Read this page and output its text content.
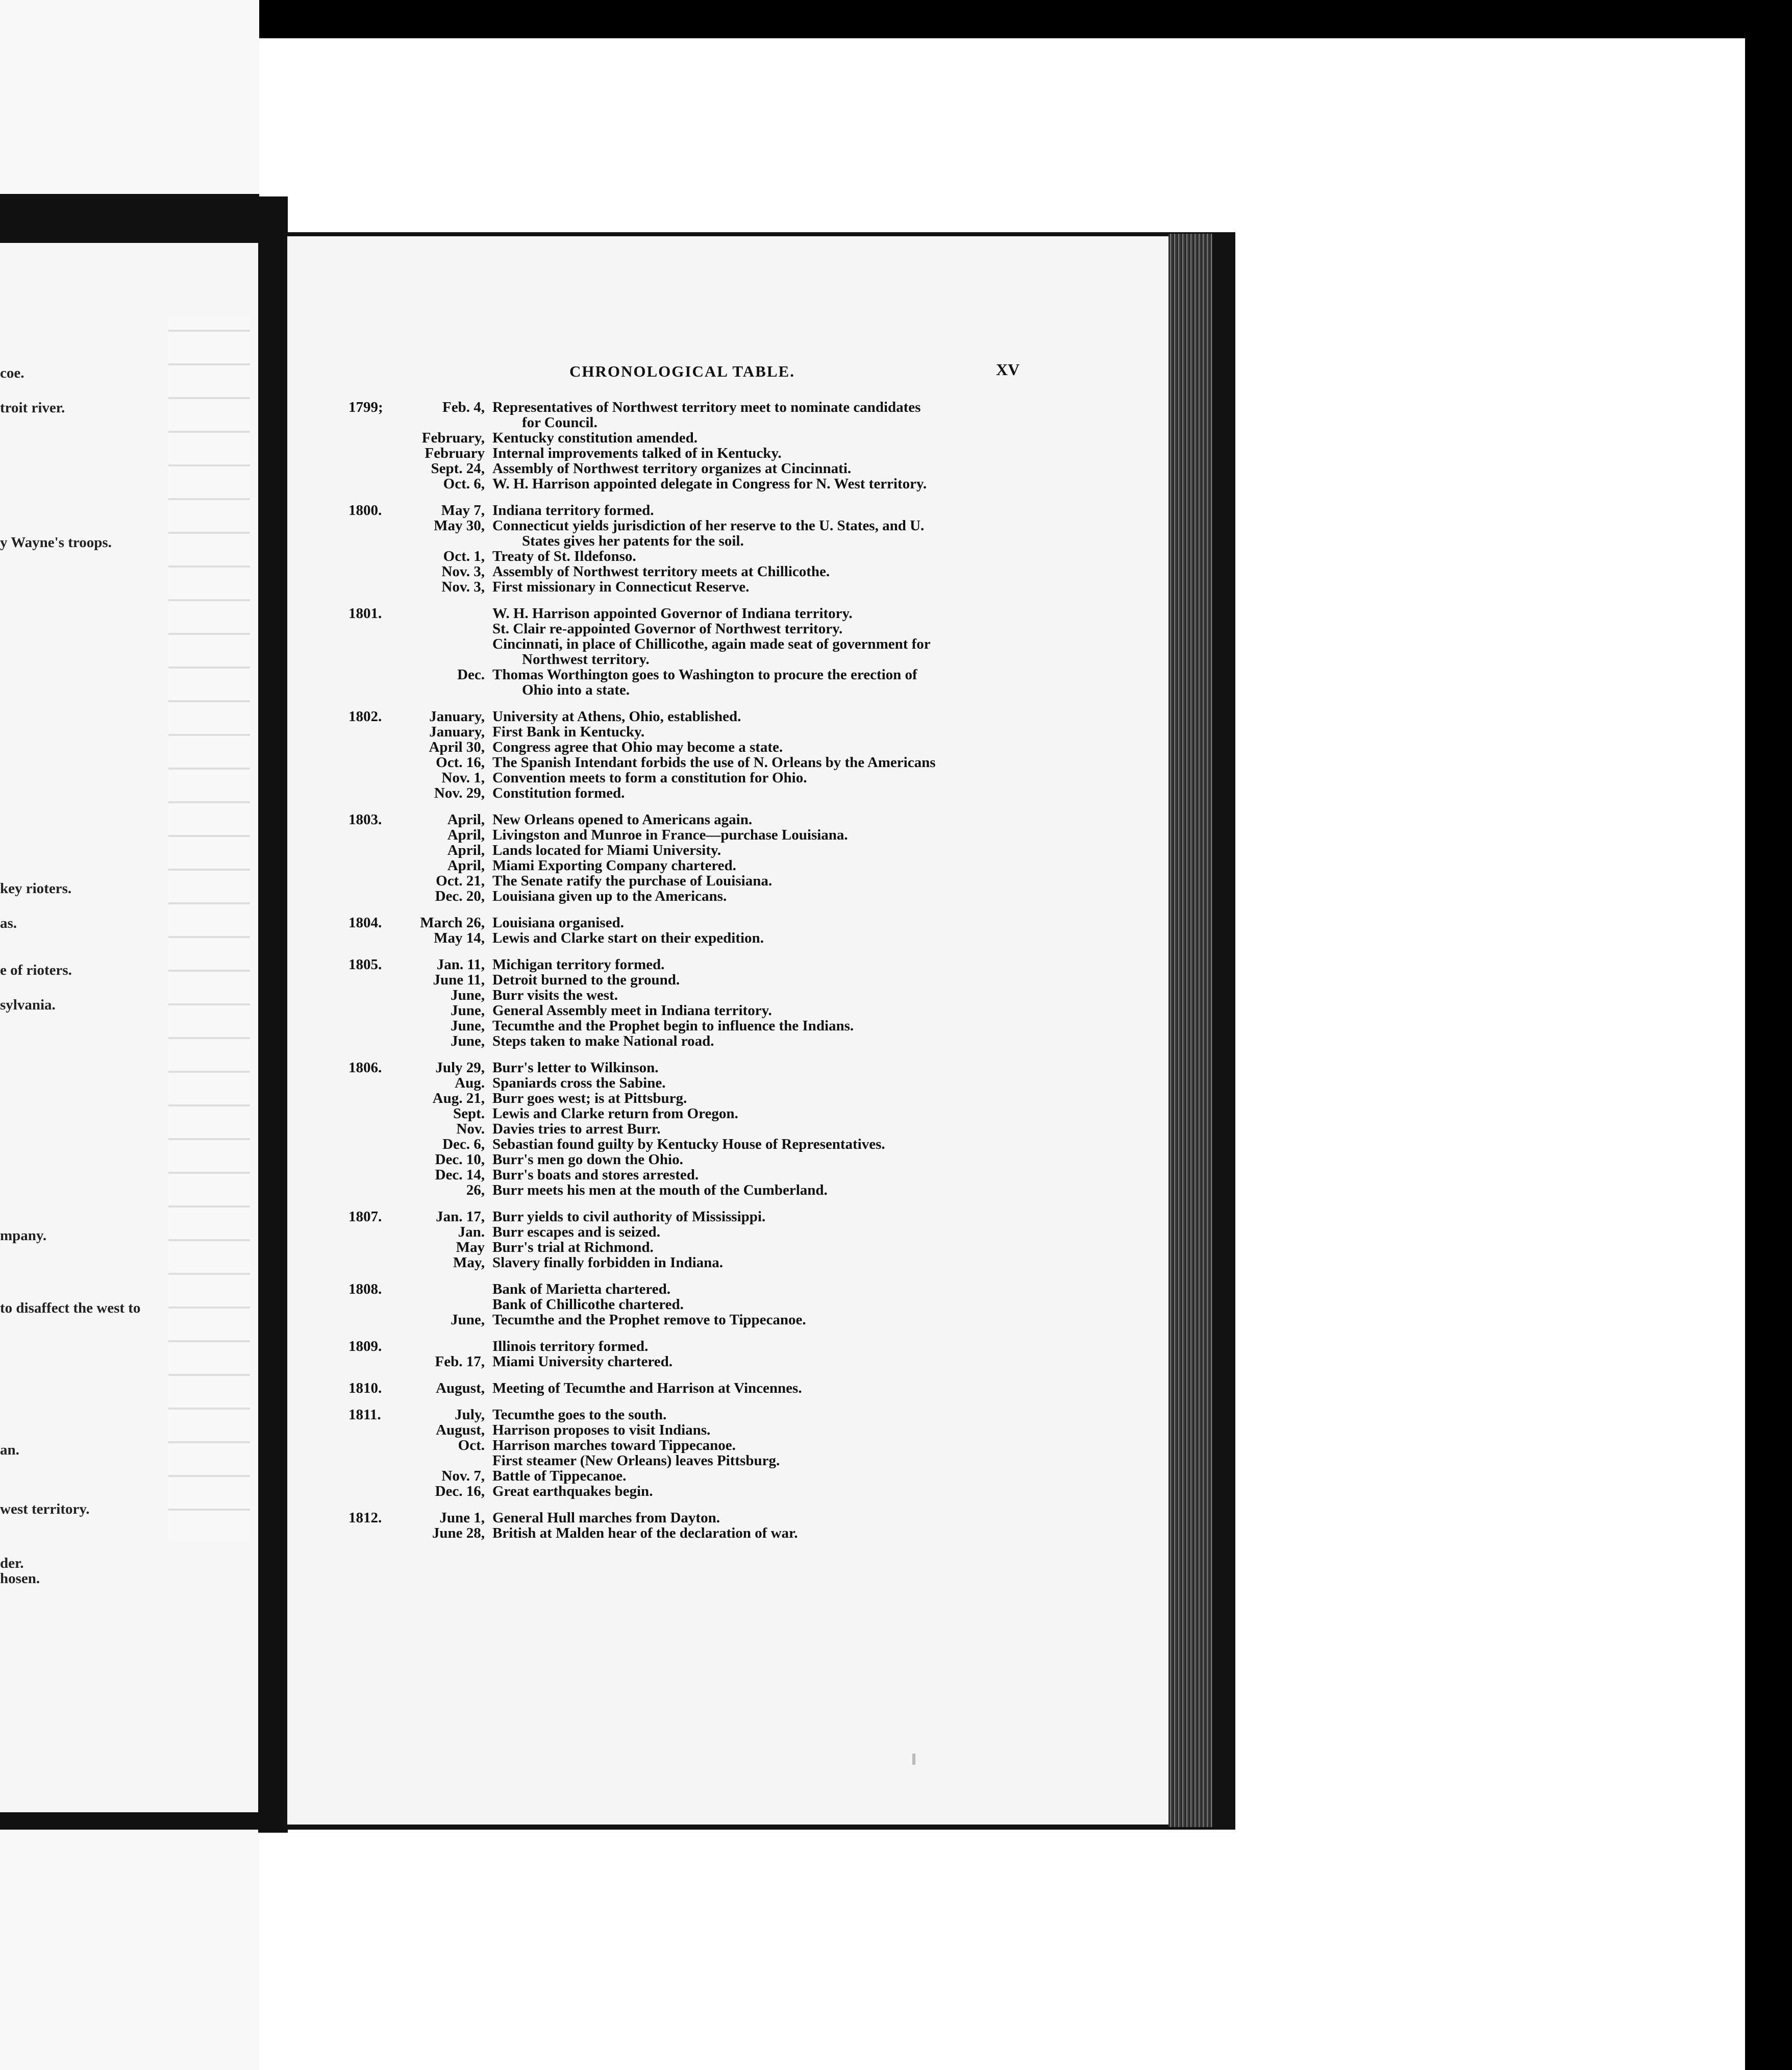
coe.
troit river.
y Wayne's troops.
key rioters.
as.
e of rioters.
sylvania.
mpany.
to disaffect the west to
an.
west territory.
der.
hosen.
CHRONOLOGICAL TABLE.	XV
1799;	Feb. 4, Representatives of Northwest territory meet to nominate candidates
for Council.
February, Kentucky constitution amended.
February Internal improvements talked of in Kentucky.
Sept. 24, Assembly of Northwest territory organizes at Cincinnati.
Oct. 6, W. H. Harrison appointed delegate in Congress for N. West territory.
1800.	May 7, Indiana territory formed.
May 30, Connecticut yields jurisdiction of her reserve to the U. States, and U.
States gives her patents for the soil.
Oct. 1, Treaty of St. Ildefonso.
Nov. 3, Assembly of Northwest territory meets at Chillicothe.
Nov. 3, First missionary in Connecticut Reserve.
1801.	W. H. Harrison appointed Governor of Indiana territory.
St. Clair re-appointed Governor of Northwest territory.
Cincinnati, in place of Chillicothe, again made seat of government for
Northwest territory.
Dec. Thomas Worthington goes to Washington to procure the erection of
Ohio into a state.
1802.	January, University at Athens, Ohio, established.
January, First Bank in Kentucky.
April 30, Congress agree that Ohio may become a state.
Oct. 16, The Spanish Intendant forbids the use of N. Orleans by the Americans
Nov. 1, Convention meets to form a constitution for Ohio.
Nov. 29, Constitution formed.
1803.	April, New Orleans opened to Americans again.
April, Livingston and Munroe in France—purchase Louisiana.
April, Lands located for Miami University.
April, Miami Exporting Company chartered.
Oct. 21, The Senate ratify the purchase of Louisiana.
Dec. 20, Louisiana given up to the Americans.
1804.	March 26, Louisiana organised.
May 14, Lewis and Clarke start on their expedition.
1805.	Jan. 11, Michigan territory formed.
June 11, Detroit burned to the ground.
June, Burr visits the west.
June, General Assembly meet in Indiana territory.
June, Tecumthe and the Prophet begin to influence the Indians.
June, Steps taken to make National road.
1806.	July 29, Burr's letter to Wilkinson.
Aug. Spaniards cross the Sabine.
Aug. 21, Burr goes west; is at Pittsburg.
Sept. Lewis and Clarke return from Oregon.
Nov. Davies tries to arrest Burr.
Dec. 6, Sebastian found guilty by Kentucky House of Representatives.
Dec. 10, Burr's men go down the Ohio.
Dec. 14, Burr's boats and stores arrested.
26, Burr meets his men at the mouth of the Cumberland.
1807.	Jan. 17, Burr yields to civil authority of Mississippi.
Jan. Burr escapes and is seized.
May Burr's trial at Richmond.
May, Slavery finally forbidden in Indiana.
1808.	Bank of Marietta chartered.
Bank of Chillicothe chartered.
June, Tecumthe and the Prophet remove to Tippecanoe.
1809.	Illinois territory formed.
Feb. 17, Miami University chartered.
1810.	August, Meeting of Tecumthe and Harrison at Vincennes.
1811.	July, Tecumthe goes to the south.
August, Harrison proposes to visit Indians.
Oct. Harrison marches toward Tippecanoe.
First steamer (New Orleans) leaves Pittsburg.
Nov. 7, Battle of Tippecanoe.
Dec. 16, Great earthquakes begin.
1812.	June 1, General Hull marches from Dayton.
June 28, British at Malden hear of the declaration of war.
